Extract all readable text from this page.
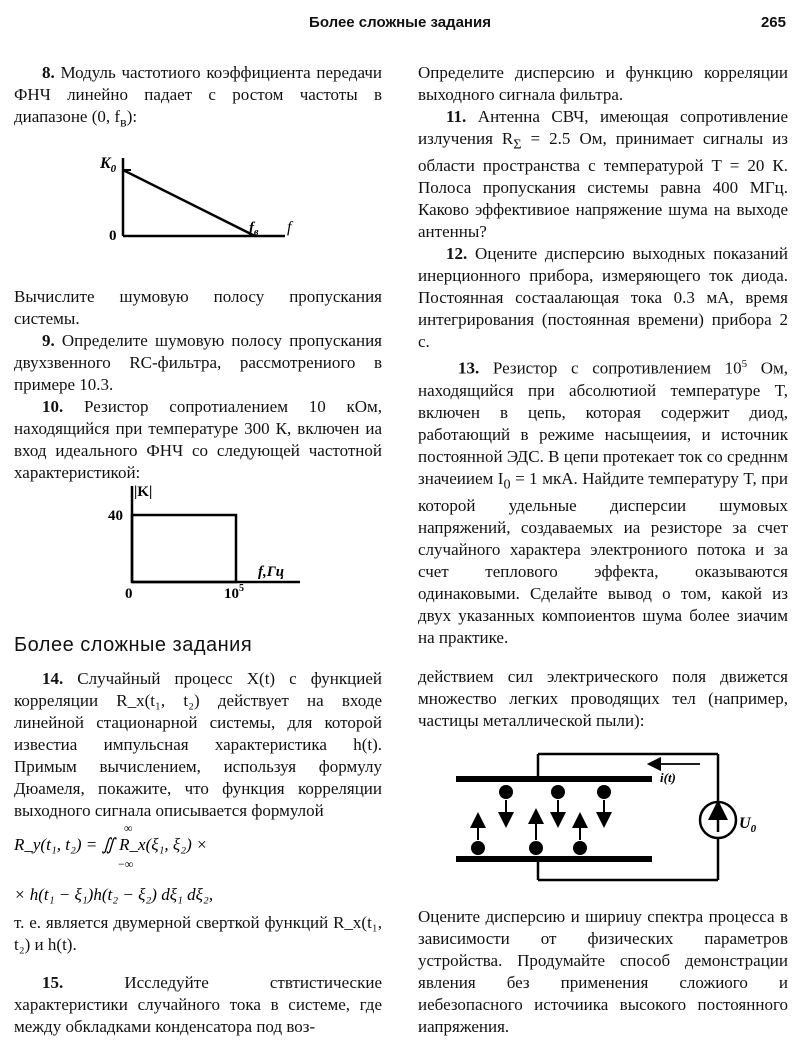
Более сложные задания	265

8. Модуль частотиого коэффициента передачи ФНЧ линейно падает с ростом частоты в диапазоне (0, $f_в$):

$K_0$
0	$f_в$ f

Вычислите шумовую полосу пропускания системы.

9. Определите шумовую полосу пропускания двухзвенного RC-фильтра, рассмотрениого в примере 10.3.

10. Резистор сопротиалением 10 кОм, находящийся при температуре 300 К, включен иа вход идеального ФНЧ со следующей частотной характеристикой:

|K|
40
f,Гц
0	$10^5$

Определите дисперсию и функцию корреляции выходного сигнала фильтра.

11. Антенна СВЧ, имеющая сопротивление излучения $R_\Sigma = 2.5$ Ом, принимает сигналы из области пространства с температурой T = 20 К. Полоса пропускания системы равна 400 МГц. Каково эффективиое напряжение шума на выходе антенны?

12. Оцените дисперсию выходных показаний инерционного прибора, измеряющего ток диода. Постоянная состаалающая тока 0.3 мА, время интегрирования (постоянная времени) прибора 2 с.

13. Резистор с сопротивлением $10^5$ Ом, находящийся при абсолютиой температуре T, включен в цепь, которая содержит диод, работающий в режиме насыщеиия, и источник постоянной ЭДС. В цепи протекает ток со средннм значеиием $I_0 = 1$ мкА. Найдите температуру T, при которой удельные дисперсии шумовых напряжений, создаваемых иа резисторе за счет случайного характера электрониого потока и за счет теплового эффекта, оказываются одинаковыми. Сделайте вывод о том, какой из двух указанных компоиентов шума более зиачим на практике.

Более сложные задания

14. Случайный процесс X(t) с функцией корреляции R_x(t₁, t₂) действует на входе линейной стационарной системы, для которой известиа импульсная характеристика h(t). Примым вычислением, используя формулу Дюамеля, покажите, что функция корреляции выходного сигнала описывается формулой

∞
R_y(t₁, t₂) = ∬ R_x(ξ₁, ξ₂) ×
−∞
× h(t₁ − ξ₁)h(t₂ − ξ₂) dξ₁ dξ₂,

т. е. является двумерной сверткой функций R_x(t₁, t₂) и h(t).

15.	Исследуйте ствтистические характеристики случайного тока в системе, где между обкладками конденсатора под воз-

действием сил электрического поля движется множество легких проводящих тел (например, частицы металлической пыли):

$U_0$
i(t)

Оцените дисперсию и шириuу спектра процесса в зависимости от физических параметров устройства. Продумайте способ демонстрации явления без применения сложиого и иебезопасного источиика высокого постоянного иапряжения.
